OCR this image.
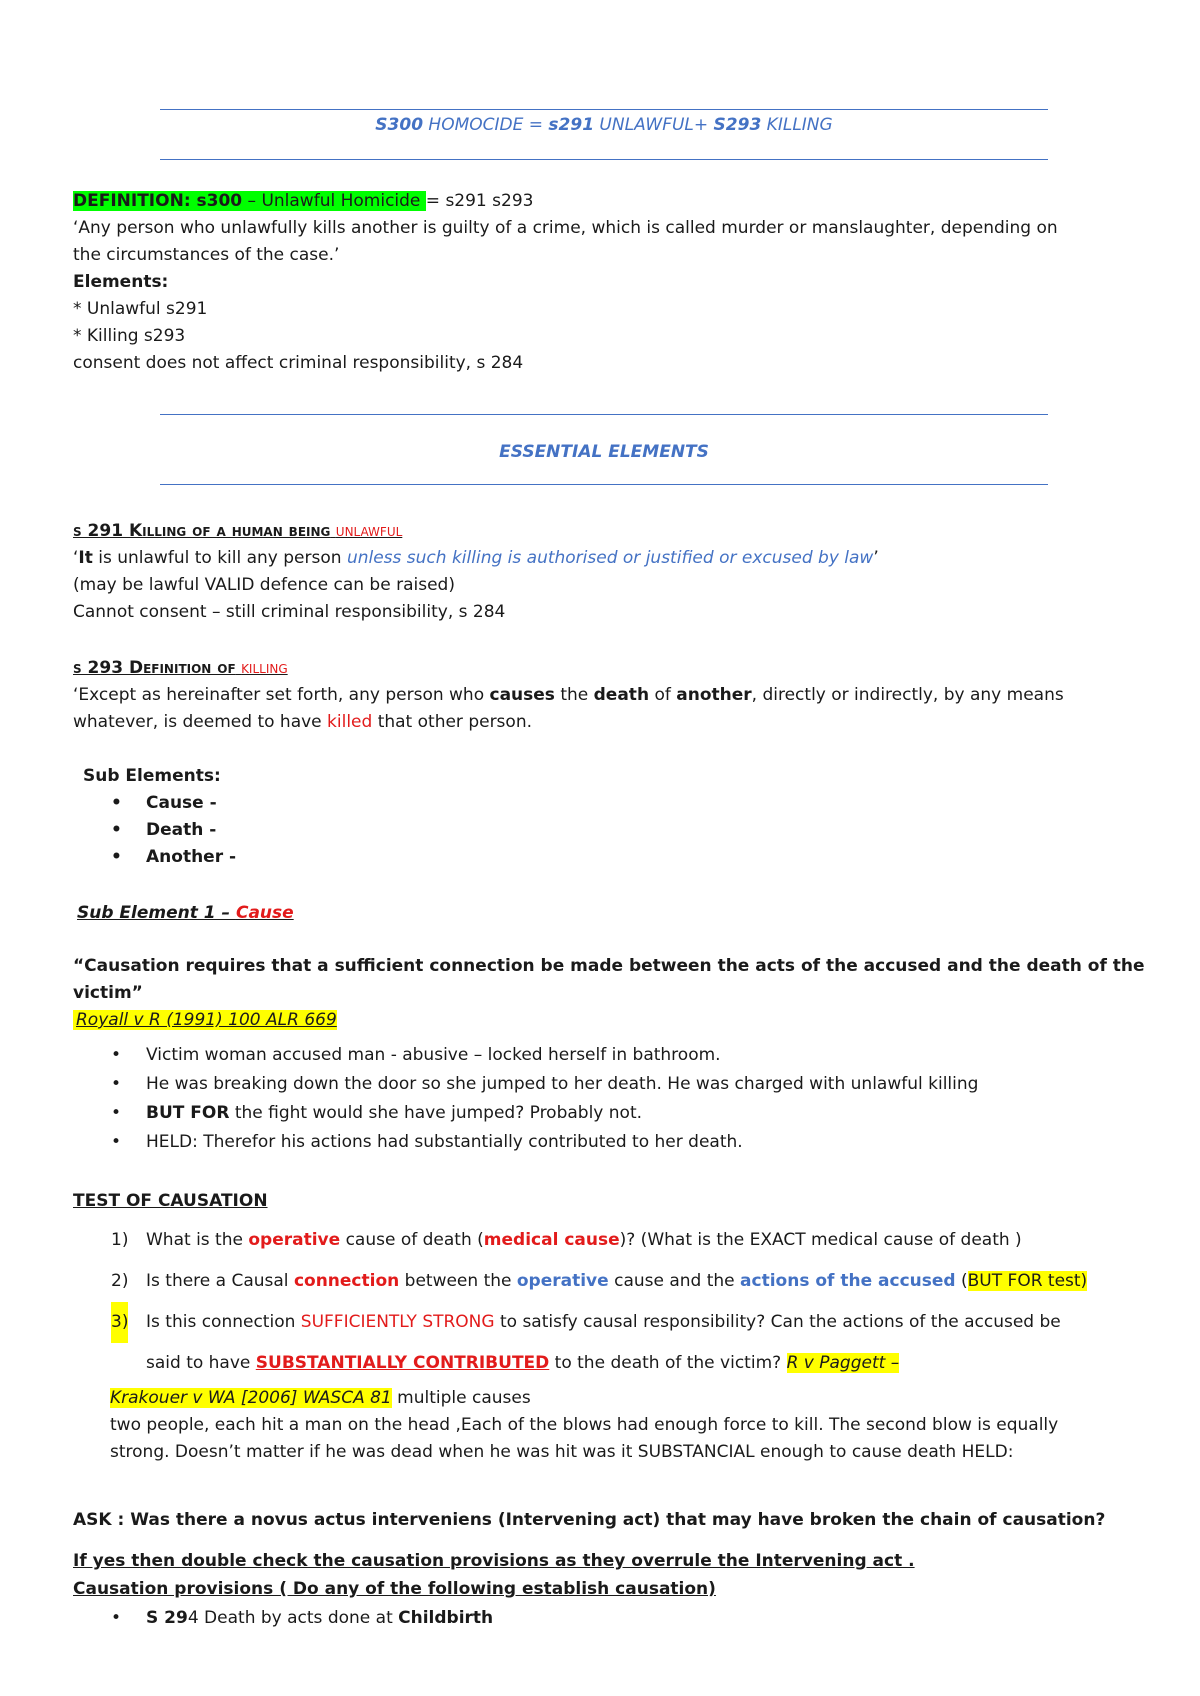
S300 HOMOCIDE = s291 UNLAWFUL+ S293 KILLING
DEFINITION: s300 – Unlawful Homicide = s291 s293
‘Any person who unlawfully kills another is guilty of a crime, which is called murder or manslaughter, depending on
the circumstances of the case.’
Elements:
* Unlawful s291
* Killing s293
consent does not affect criminal responsibility, s 284
ESSENTIAL ELEMENTS
s 291 Killing of a human being unlawful
‘It is unlawful to kill any person unless such killing is authorised or justified or excused by law’
(may be lawful VALID defence can be raised)
Cannot consent – still criminal responsibility, s 284
s 293 Definition of killing
‘Except as hereinafter set forth, any person who causes the death of another, directly or indirectly, by any means
whatever, is deemed to have killed that other person.
Sub Elements:
• Cause -
• Death -
• Another -
Sub Element 1 – Cause
“Causation requires that a sufficient connection be made between the acts of the accused and the death of the
victim”
Royall v R (1991) 100 ALR 669
• Victim woman accused man - abusive – locked herself in bathroom.
• He was breaking down the door so she jumped to her death. He was charged with unlawful killing
• BUT FOR the fight would she have jumped? Probably not.
• HELD: Therefor his actions had substantially contributed to her death.
TEST OF CAUSATION
1) What is the operative cause of death (medical cause)? (What is the EXACT medical cause of death )
2) Is there a Causal connection between the operative cause and the actions of the accused (BUT FOR test)
3) Is this connection SUFFICIENTLY STRONG to satisfy causal responsibility? Can the actions of the accused be
said to have SUBSTANTIALLY CONTRIBUTED to the death of the victim? R v Paggett –
Krakouer v WA [2006] WASCA 81 multiple causes
two people, each hit a man on the head ,Each of the blows had enough force to kill. The second blow is equally
strong. Doesn’t matter if he was dead when he was hit was it SUBSTANCIAL enough to cause death HELD:
ASK : Was there a novus actus interveniens (Intervening act) that may have broken the chain of causation?
If yes then double check the causation provisions as they overrule the Intervening act .
Causation provisions ( Do any of the following establish causation)
• S 294 Death by acts done at Childbirth
